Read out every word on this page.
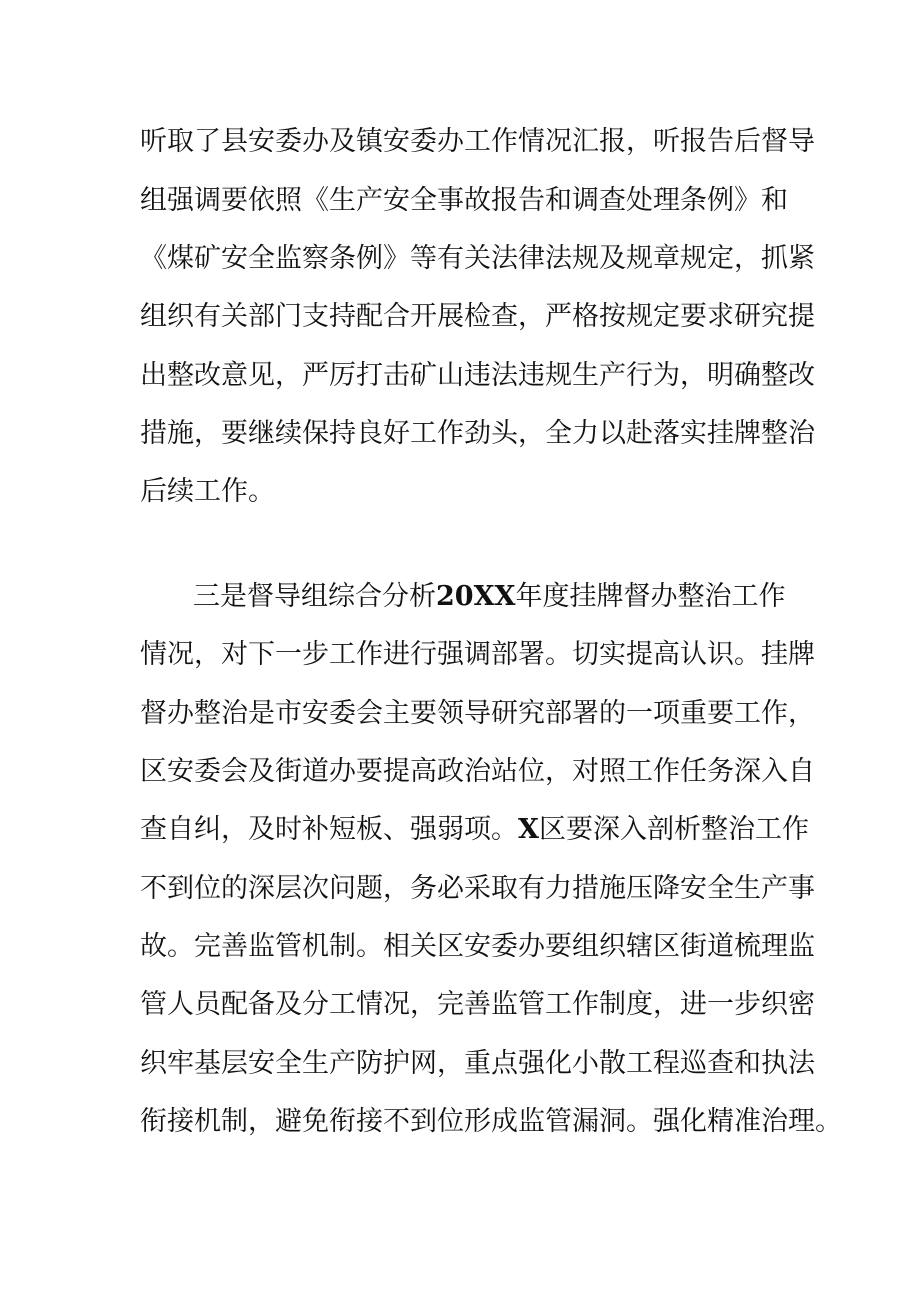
听取了县安委办及镇安委办工作情况汇报，听报告后督导
组强调要依照《生产安全事故报告和调查处理条例》和
《煤矿安全监察条例》等有关法律法规及规章规定，抓紧
组织有关部门支持配合开展检查，严格按规定要求研究提
出整改意见，严厉打击矿山违法违规生产行为，明确整改
措施，要继续保持良好工作劲头，全力以赴落实挂牌整治
后续工作。
三是督导组综合分析20XX年度挂牌督办整治工作
情况，对下一步工作进行强调部署。切实提高认识。挂牌
督办整治是市安委会主要领导研究部署的一项重要工作，
区安委会及街道办要提高政治站位，对照工作任务深入自
查自纠，及时补短板、强弱项。X区要深入剖析整治工作
不到位的深层次问题，务必采取有力措施压降安全生产事
故。完善监管机制。相关区安委办要组织辖区街道梳理监
管人员配备及分工情况，完善监管工作制度，进一步织密
织牢基层安全生产防护网，重点强化小散工程巡查和执法
衔接机制，避免衔接不到位形成监管漏洞。强化精准治理。
